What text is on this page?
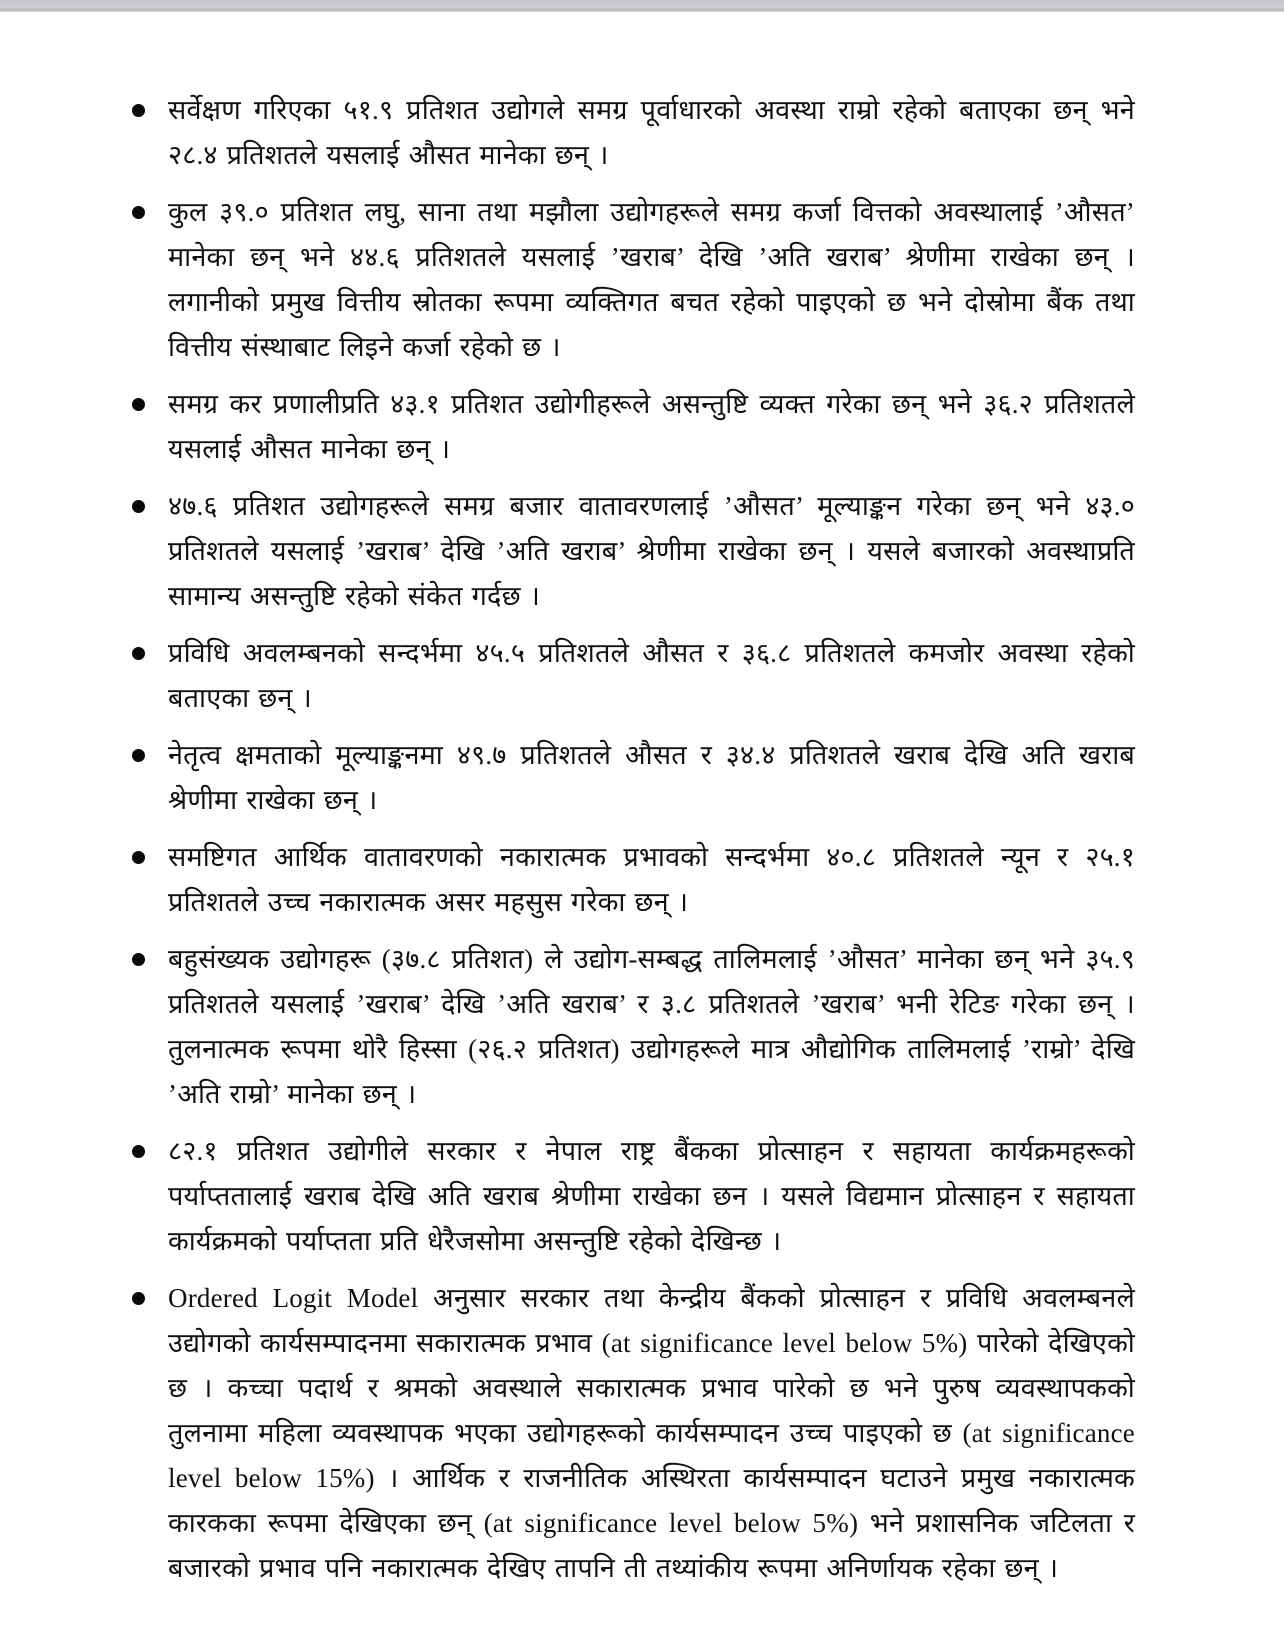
सर्वेक्षण गरिएका ५१.९ प्रतिशत उद्योगले समग्र पूर्वाधारको अवस्था राम्रो रहेको बताएका छन् भने २८.४ प्रतिशतले यसलाई औसत मानेका छन् ।
कुल ३९.० प्रतिशत लघु, साना तथा मझौला उद्योगहरूले समग्र कर्जा वित्तको अवस्थालाई ’औसत’ मानेका छन् भने ४४.६ प्रतिशतले यसलाई ’खराब’ देखि ’अति खराब’ श्रेणीमा राखेका छन् । लगानीको प्रमुख वित्तीय स्रोतका रूपमा व्यक्तिगत बचत रहेको पाइएको छ भने दोस्रोमा बैंक तथा वित्तीय संस्थाबाट लिइने कर्जा रहेको छ ।
समग्र कर प्रणालीप्रति ४३.१ प्रतिशत उद्योगीहरूले असन्तुष्टि व्यक्त गरेका छन् भने ३६.२ प्रतिशतले यसलाई औसत मानेका छन् ।
४७.६ प्रतिशत उद्योगहरूले समग्र बजार वातावरणलाई ’औसत’ मूल्याङ्कन गरेका छन् भने ४३.० प्रतिशतले यसलाई ’खराब’ देखि ’अति खराब’ श्रेणीमा राखेका छन् । यसले बजारको अवस्थाप्रति सामान्य असन्तुष्टि रहेको संकेत गर्दछ ।
प्रविधि अवलम्बनको सन्दर्भमा ४५.५ प्रतिशतले औसत र ३६.८ प्रतिशतले कमजोर अवस्था रहेको बताएका छन् ।
नेतृत्व क्षमताको मूल्याङ्कनमा ४९.७ प्रतिशतले औसत र ३४.४ प्रतिशतले खराब देखि अति खराब श्रेणीमा राखेका छन् ।
समष्टिगत आर्थिक वातावरणको नकारात्मक प्रभावको सन्दर्भमा ४०.८ प्रतिशतले न्यून र २५.१ प्रतिशतले उच्च नकारात्मक असर महसुस गरेका छन् ।
बहुसंख्यक उद्योगहरू (३७.८ प्रतिशत) ले उद्योग-सम्बद्ध तालिमलाई ’औसत’ मानेका छन् भने ३५.९ प्रतिशतले यसलाई ’खराब’ देखि ’अति खराब’ र ३.८ प्रतिशतले ’खराब’ भनी रेटिङ गरेका छन् । तुलनात्मक रूपमा थोरै हिस्सा (२६.२ प्रतिशत) उद्योगहरूले मात्र औद्योगिक तालिमलाई ’राम्रो’ देखि ’अति राम्रो’ मानेका छन् ।
८२.१ प्रतिशत उद्योगीले सरकार र नेपाल राष्ट्र बैंकका प्रोत्साहन र सहायता कार्यक्रमहरूको पर्याप्ततालाई खराब देखि अति खराब श्रेणीमा राखेका छन । यसले विद्यमान प्रोत्साहन र सहायता कार्यक्रमको पर्याप्तता प्रति धेरैजसोमा असन्तुष्टि रहेको देखिन्छ ।
Ordered Logit Model अनुसार सरकार तथा केन्द्रीय बैंकको प्रोत्साहन र प्रविधि अवलम्बनले उद्योगको कार्यसम्पादनमा सकारात्मक प्रभाव (at significance level below 5%) पारेको देखिएको छ । कच्चा पदार्थ र श्रमको अवस्थाले सकारात्मक प्रभाव पारेको छ भने पुरुष व्यवस्थापकको तुलनामा महिला व्यवस्थापक भएका उद्योगहरूको कार्यसम्पादन उच्च पाइएको छ (at significance level below 15%) । आर्थिक र राजनीतिक अस्थिरता कार्यसम्पादन घटाउने प्रमुख नकारात्मक कारकका रूपमा देखिएका छन् (at significance level below 5%) भने प्रशासनिक जटिलता र बजारको प्रभाव पनि नकारात्मक देखिए तापनि ती तथ्यांकीय रूपमा अनिर्णायक रहेका छन् ।
